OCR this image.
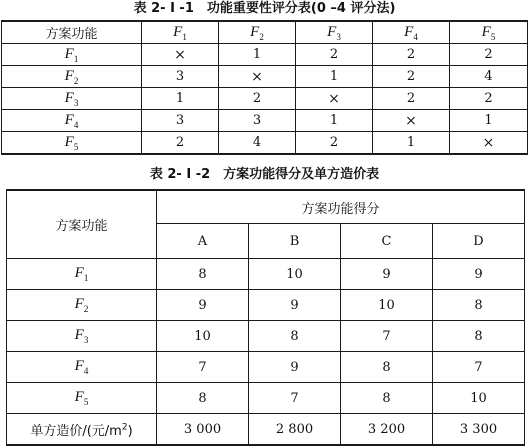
表 2- I -1　功能重要性评分表(0 –4 评分法)
方案功能	$F_1$	$F_2$	$F_3$	$F_4$	$F_5$
$F_1$	×	1	2	2	2
$F_2$	3	×	1	2	4
$F_3$	1	2	×	2	2
$F_4$	3	3	1	×	1
$F_5$	2	4	2	1	×
表 2- I -2　方案功能得分及单方造价表
方案功能	方案功能得分			
	A	B	C	D
$F_1$	8	10	9	9
$F_2$	9	9	10	8
$F_3$	10	8	7	8
$F_4$	7	9	8	7
$F_5$	8	7	8	10
单方造价/(元$/m^2$)	3 000	2 800	3 200	3 300
